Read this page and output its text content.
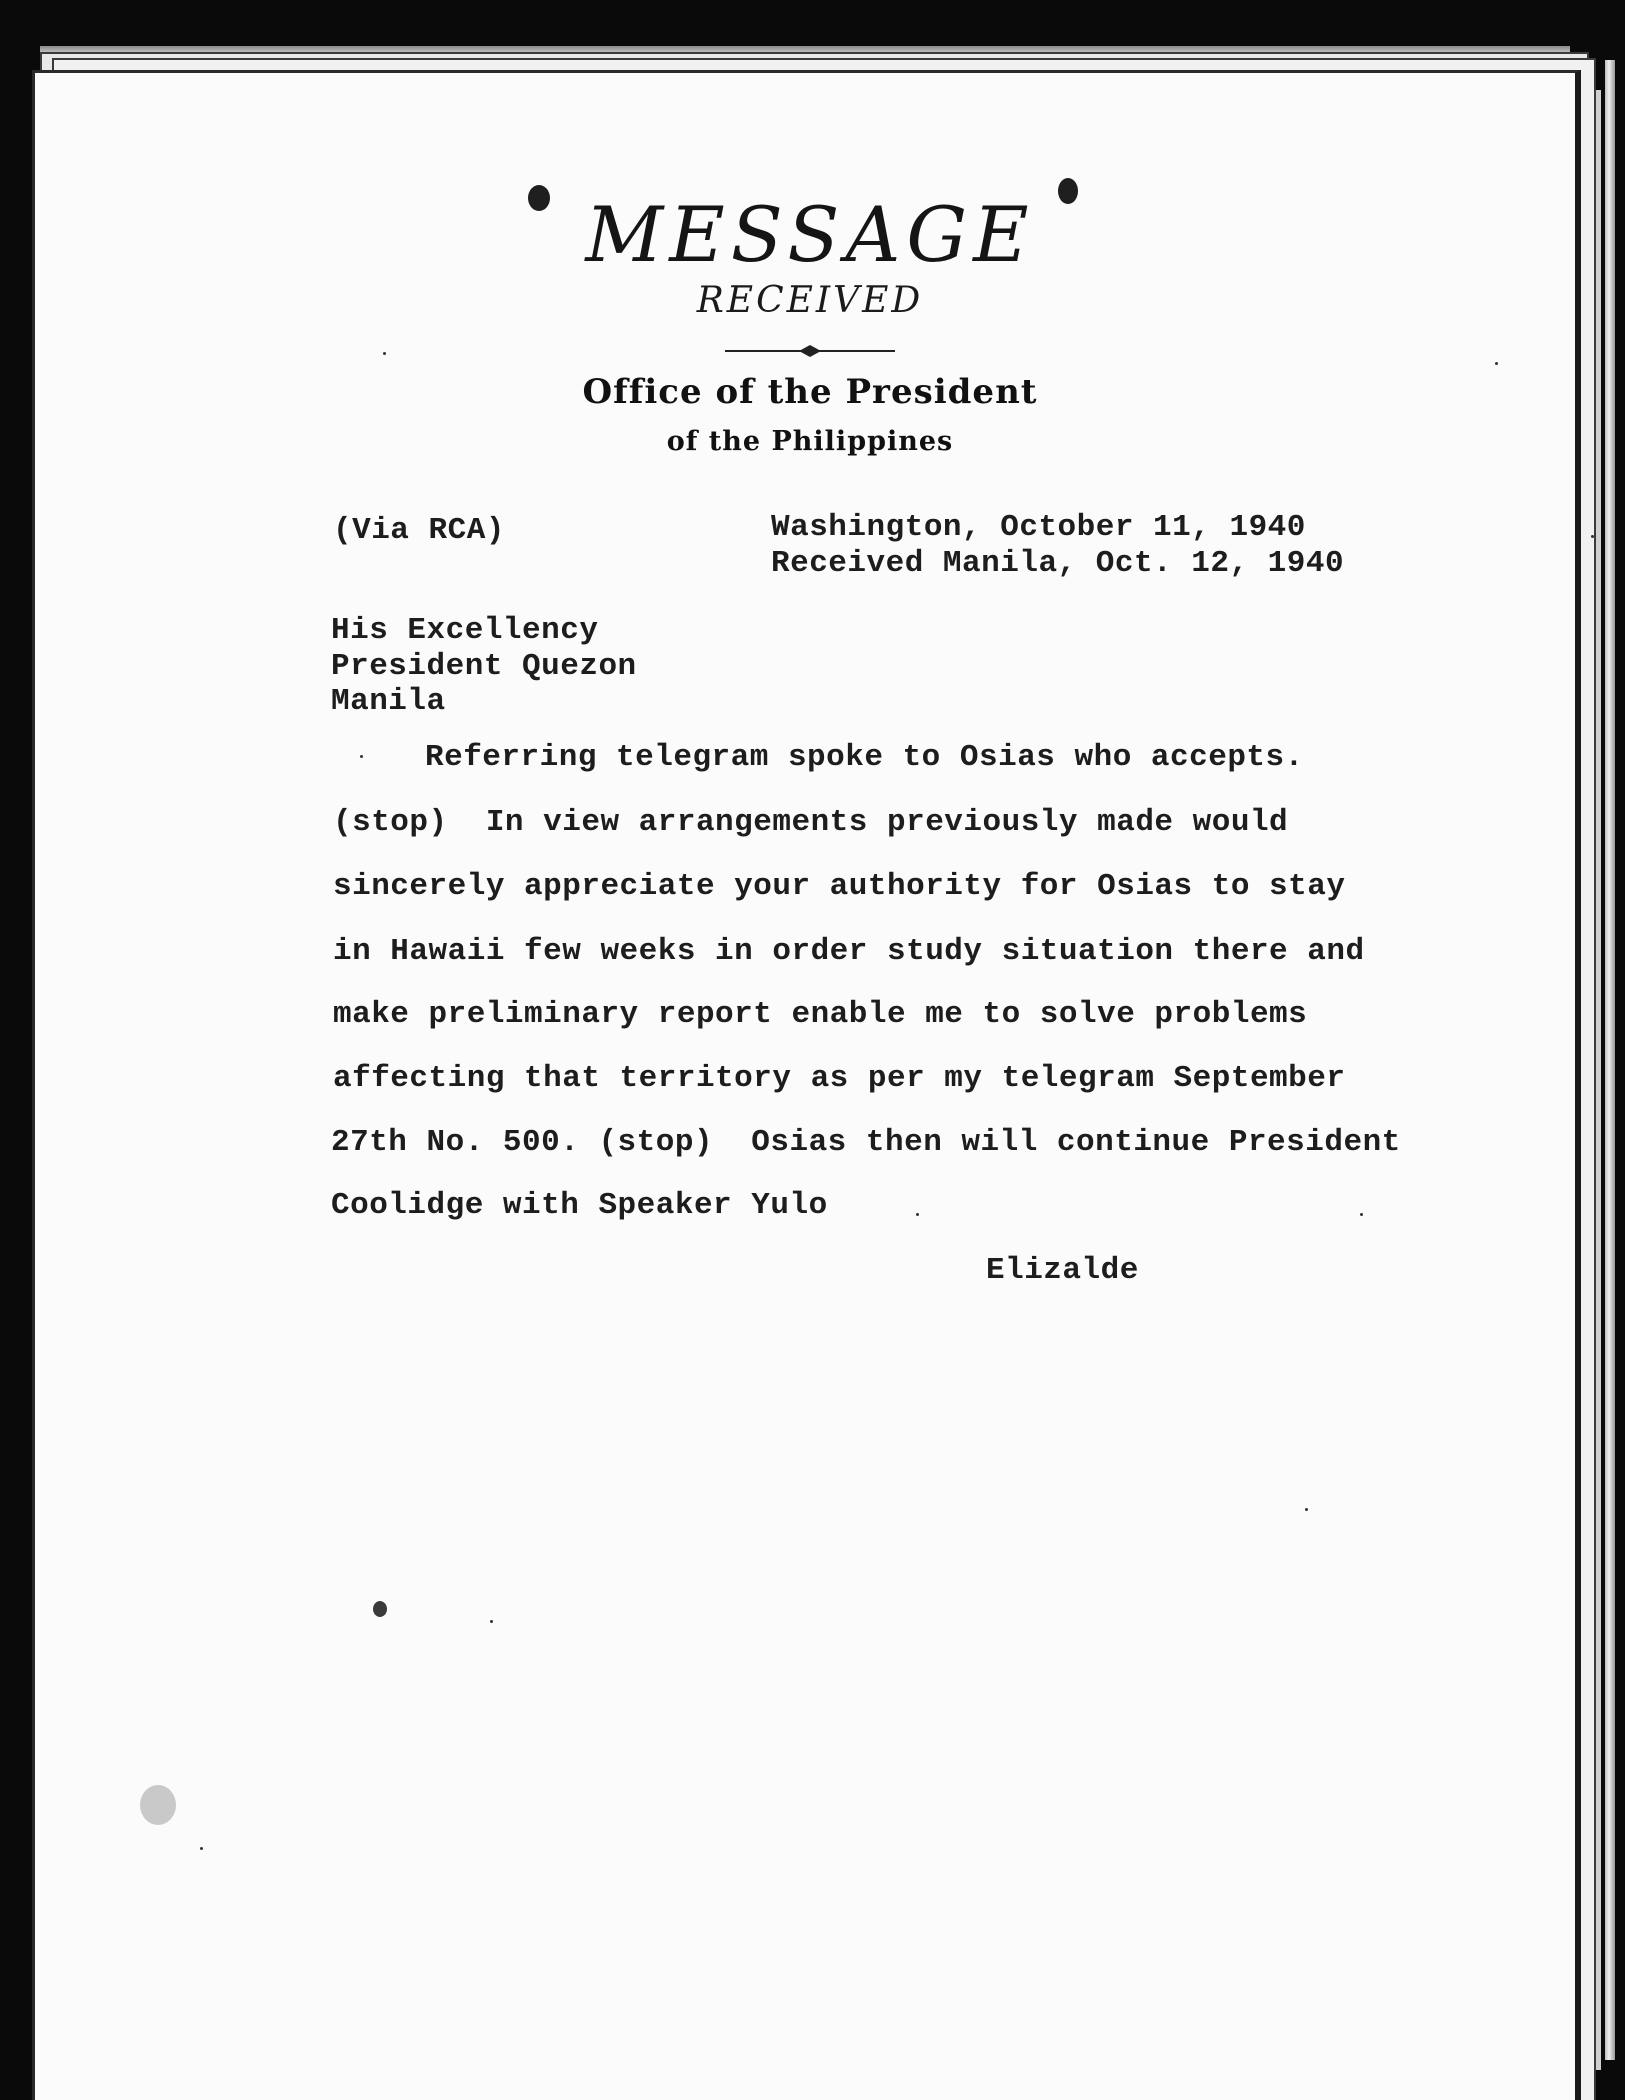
MESSAGE
RECEIVED
Office of the President
of the Philippines
(Via RCA)	Washington, October 11, 1940
Received Manila, Oct. 12, 1940
His Excellency
President Quezon
Manila
Referring telegram spoke to Osias who accepts.
(stop)  In view arrangements previously made would
sincerely appreciate your authority for Osias to stay
in Hawaii few weeks in order study situation there and
make preliminary report enable me to solve problems
affecting that territory as per my telegram September
27th No. 500. (stop)  Osias then will continue President
Coolidge with Speaker Yulo
Elizalde
